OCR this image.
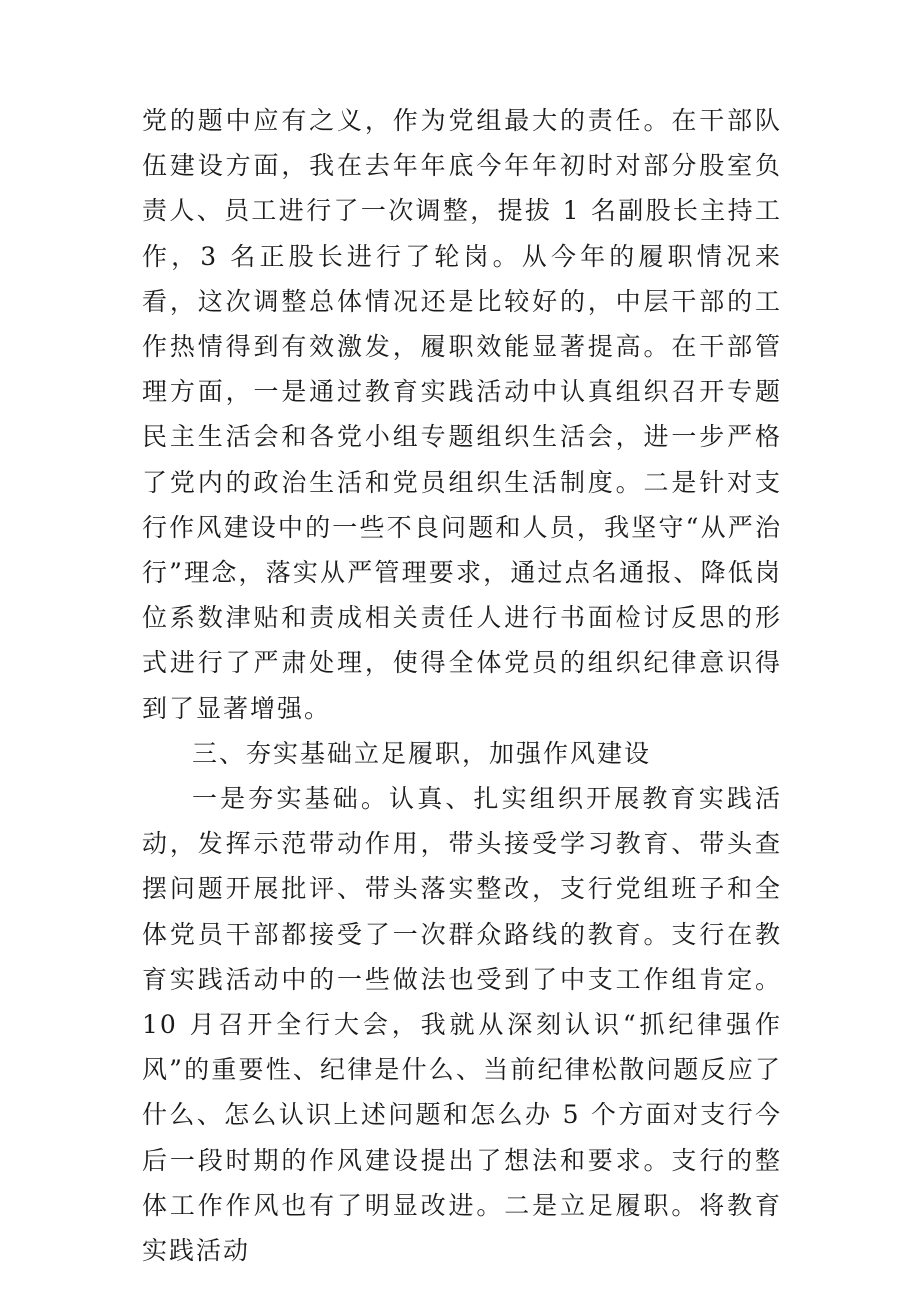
党的题中应有之义，作为党组最大的责任。在干部队伍建设方面，我在去年年底今年年初时对部分股室负责人、员工进行了一次调整，提拔 1 名副股长主持工作，3 名正股长进行了轮岗。从今年的履职情况来看，这次调整总体情况还是比较好的，中层干部的工作热情得到有效激发，履职效能显著提高。在干部管理方面，一是通过教育实践活动中认真组织召开专题民主生活会和各党小组专题组织生活会，进一步严格了党内的政治生活和党员组织生活制度。二是针对支行作风建设中的一些不良问题和人员，我坚守“从严治行”理念，落实从严管理要求，通过点名通报、降低岗位系数津贴和责成相关责任人进行书面检讨反思的形式进行了严肃处理，使得全体党员的组织纪律意识得到了显著增强。

三、夯实基础立足履职，加强作风建设

一是夯实基础。认真、扎实组织开展教育实践活动，发挥示范带动作用，带头接受学习教育、带头查摆问题开展批评、带头落实整改，支行党组班子和全体党员干部都接受了一次群众路线的教育。支行在教育实践活动中的一些做法也受到了中支工作组肯定。10 月召开全行大会，我就从深刻认识“抓纪律强作风”的重要性、纪律是什么、当前纪律松散问题反应了什么、怎么认识上述问题和怎么办 5 个方面对支行今后一段时期的作风建设提出了想法和要求。支行的整体工作作风也有了明显改进。二是立足履职。将教育实践活动
